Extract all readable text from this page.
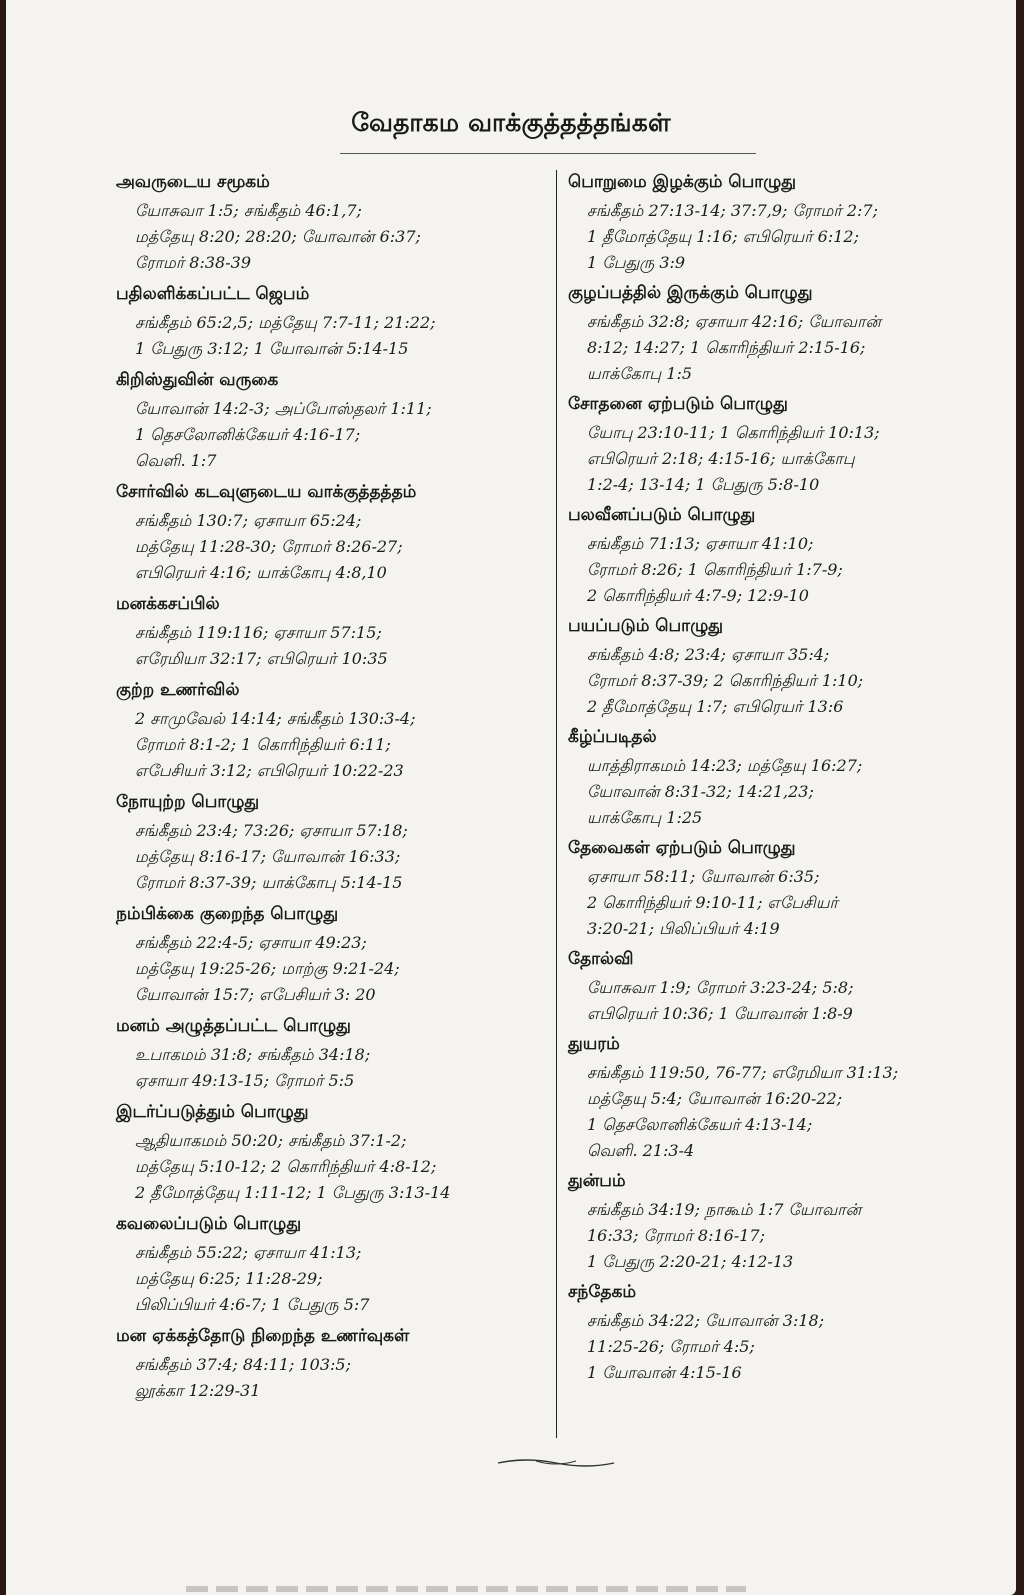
வேதாகம வாக்குத்தத்தங்கள்
அவருடைய சமூகம்
யோசுவா 1:5; சங்கீதம் 46:1,7;
மத்தேயு 8:20; 28:20; யோவான் 6:37;
ரோமர் 8:38-39
பதிலளிக்கப்பட்ட ஜெபம்
சங்கீதம் 65:2,5; மத்தேயு 7:7-11; 21:22;
1 பேதுரு 3:12; 1 யோவான் 5:14-15
கிறிஸ்துவின் வருகை
யோவான் 14:2-3; அப்போஸ்தலர் 1:11;
1 தெசலோனிக்கேயர் 4:16-17;
வெளி. 1:7
சோர்வில் கடவுளுடைய வாக்குத்தத்தம்
சங்கீதம் 130:7; ஏசாயா 65:24;
மத்தேயு 11:28-30; ரோமர் 8:26-27;
எபிரெயர் 4:16; யாக்கோபு 4:8,10
மனக்கசப்பில்
சங்கீதம் 119:116; ஏசாயா 57:15;
எரேமியா 32:17; எபிரெயர் 10:35
குற்ற உணர்வில்
2 சாமுவேல் 14:14; சங்கீதம் 130:3-4;
ரோமர் 8:1-2; 1 கொரிந்தியர் 6:11;
எபேசியர் 3:12; எபிரெயர் 10:22-23
நோயுற்ற பொழுது
சங்கீதம் 23:4; 73:26; ஏசாயா 57:18;
மத்தேயு 8:16-17; யோவான் 16:33;
ரோமர் 8:37-39; யாக்கோபு 5:14-15
நம்பிக்கை குறைந்த பொழுது
சங்கீதம் 22:4-5; ஏசாயா 49:23;
மத்தேயு 19:25-26; மாற்கு 9:21-24;
யோவான் 15:7; எபேசியர் 3: 20
மனம் அழுத்தப்பட்ட பொழுது
உபாகமம் 31:8; சங்கீதம் 34:18;
ஏசாயா 49:13-15; ரோமர் 5:5
இடர்ப்படுத்தும் பொழுது
ஆதியாகமம் 50:20; சங்கீதம் 37:1-2;
மத்தேயு 5:10-12; 2 கொரிந்தியர் 4:8-12;
2 தீமோத்தேயு 1:11-12; 1 பேதுரு 3:13-14
கவலைப்படும் பொழுது
சங்கீதம் 55:22; ஏசாயா 41:13;
மத்தேயு 6:25; 11:28-29;
பிலிப்பியர் 4:6-7; 1 பேதுரு 5:7
மன ஏக்கத்தோடு நிறைந்த உணர்வுகள்
சங்கீதம் 37:4; 84:11; 103:5;
லூக்கா 12:29-31
பொறுமை இழக்கும் பொழுது
சங்கீதம் 27:13-14; 37:7,9; ரோமர் 2:7;
1 தீமோத்தேயு 1:16; எபிரெயர் 6:12;
1 பேதுரு 3:9
குழப்பத்தில் இருக்கும் பொழுது
சங்கீதம் 32:8; ஏசாயா 42:16; யோவான்
8:12; 14:27; 1 கொரிந்தியர் 2:15-16;
யாக்கோபு 1:5
சோதனை ஏற்படும் பொழுது
யோபு 23:10-11; 1 கொரிந்தியர் 10:13;
எபிரெயர் 2:18; 4:15-16; யாக்கோபு
1:2-4; 13-14; 1 பேதுரு 5:8-10
பலவீனப்படும் பொழுது
சங்கீதம் 71:13; ஏசாயா 41:10;
ரோமர் 8:26; 1 கொரிந்தியர் 1:7-9;
2 கொரிந்தியர் 4:7-9; 12:9-10
பயப்படும் பொழுது
சங்கீதம் 4:8; 23:4; ஏசாயா 35:4;
ரோமர் 8:37-39; 2 கொரிந்தியர் 1:10;
2 தீமோத்தேயு 1:7; எபிரெயர் 13:6
கீழ்ப்படிதல்
யாத்திராகமம் 14:23; மத்தேயு 16:27;
யோவான் 8:31-32; 14:21,23;
யாக்கோபு 1:25
தேவைகள் ஏற்படும் பொழுது
ஏசாயா 58:11; யோவான் 6:35;
2 கொரிந்தியர் 9:10-11; எபேசியர்
3:20-21; பிலிப்பியர் 4:19
தோல்வி
யோசுவா 1:9; ரோமர் 3:23-24; 5:8;
எபிரெயர் 10:36; 1 யோவான் 1:8-9
துயரம்
சங்கீதம் 119:50, 76-77; எரேமியா 31:13;
மத்தேயு 5:4; யோவான் 16:20-22;
1 தெசலோனிக்கேயர் 4:13-14;
வெளி. 21:3-4
துன்பம்
சங்கீதம் 34:19; நாகூம் 1:7 யோவான்
16:33; ரோமர் 8:16-17;
1 பேதுரு 2:20-21; 4:12-13
சந்தேகம்
சங்கீதம் 34:22; யோவான் 3:18;
11:25-26; ரோமர் 4:5;
1 யோவான் 4:15-16
